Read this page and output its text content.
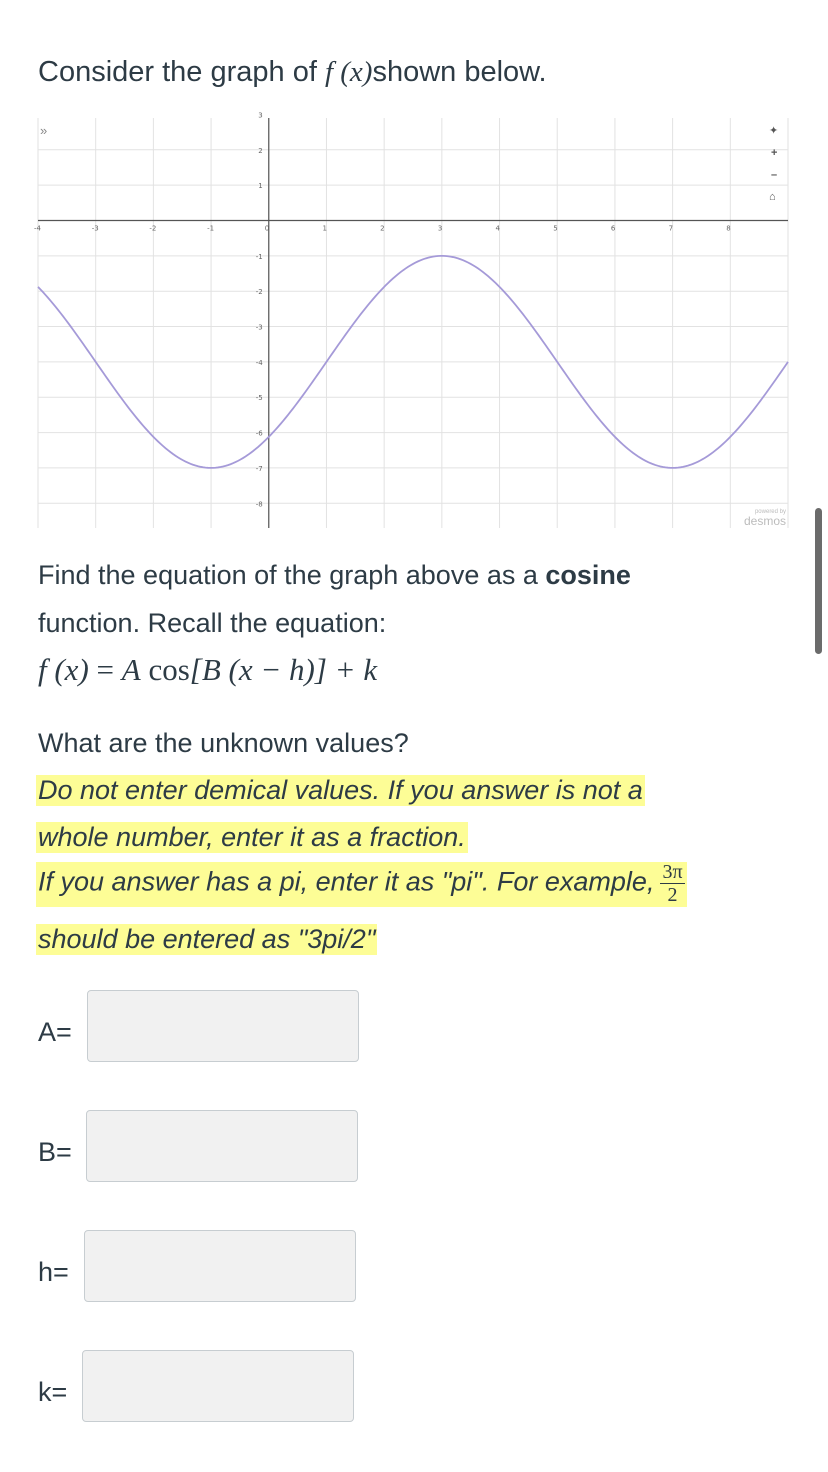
Consider the graph of f (x)shown below.
-4	-3	-2	-1	0	1	2	3	4	5	6	7	8
3
2
1
-1
-2
-3
-4
-5
-6
-7
-8
»	✦
+
–
⌂
powered by
desmos
Find the equation of the graph above as a cosine
function. Recall the equation:
f (x) = A cos[B (x − h)] + k
What are the unknown values?
Do not enter demical values. If you answer is not a
whole number, enter it as a fraction.
If you answer has a pi, enter it as "pi". For example, $\frac{3\pi}{2}$
should be entered as "3pi/2"
A=
B=
h=
k=
